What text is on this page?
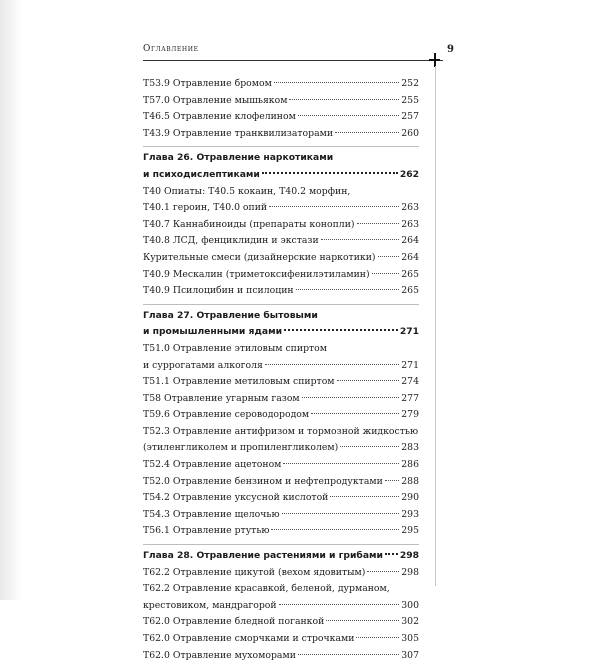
Оглавление	9
T53.9 Отравление бромом	252
T57.0 Отравление мышьяком	255
T46.5 Отравление клофелином	257
T43.9 Отравление транквилизаторами	260
Глава 26. Отравление наркотиками
и психодислептиками	262
T40 Опиаты: T40.5 кокаин, T40.2 морфин,
T40.1 героин, T40.0 опий	263
T40.7 Каннабиноиды (препараты конопли)	263
T40.8 ЛСД, фенциклидин и экстази	264
Курительные смеси (дизайнерские наркотики)	264
T40.9 Мескалин (триметоксифенилэтиламин)	265
T40.9 Псилоцибин и псилоцин	265
Глава 27. Отравление бытовыми
и промышленными ядами	271
T51.0 Отравление этиловым спиртом
и суррогатами алкоголя	271
T51.1 Отравление метиловым спиртом	274
T58 Отравление угарным газом	277
T59.6 Отравление сероводородом	279
T52.3 Отравление антифризом и тормозной жидкостью
(этиленгликолем и пропиленгликолем)	283
T52.4 Отравление ацетоном	286
T52.0 Отравление бензином и нефтепродуктами 288
T54.2 Отравление уксусной кислотой	290
T54.3 Отравление щелочью	293
T56.1 Отравление ртутью	295
Глава 28. Отравление растениями и грибами 298
T62.2 Отравление цикутой (вехом ядовитым)	298
T62.2 Отравление красавкой, беленой, дурманом,
крестовиком, мандрагорой	300
T62.0 Отравление бледной поганкой	302
T62.0 Отравление сморчками и строчками	305
T62.0 Отравление мухоморами	307
